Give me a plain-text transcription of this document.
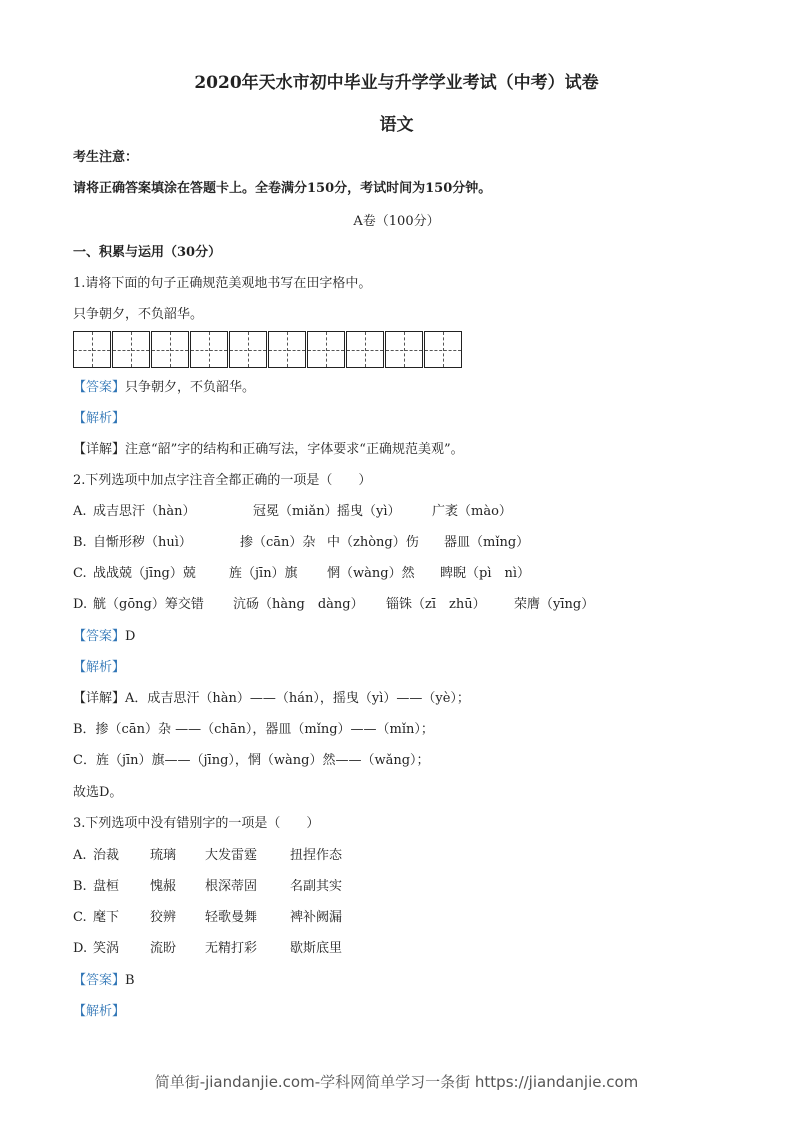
2020年天水市初中毕业与升学学业考试（中考）试卷
语文
考生注意：
请将正确答案填涂在答题卡上。全卷满分150分，考试时间为150分钟。
A卷（100分）
一、积累与运用（30分）
1.请将下面的句子正确规范美观地书写在田字格中。
只争朝夕，不负韶华。
【答案】只争朝夕，不负韶华。
【解析】
【详解】注意“韶”字的结构和正确写法，字体要求“正确规范美观”。
2.下列选项中加点字注音全都正确的一项是（　　）
A. 成吉思汗（hàn）	冠冕（miǎn） 摇曳（yì） 广袤（mào）
B. 自惭形秽（huì）	掺（cān）杂 中（zhòng）伤 器皿（mǐng）
C. 战战兢（jīng）兢	旌（jīn）旗 惘（wàng）然 睥睨（pì　nì）
D. 觥（gōng）筹交错 沆砀（hàng　dàng） 锱铢（zī　zhū） 荣膺（yīng）
【答案】D
【解析】
【详解】A．成吉思汗（hàn）——（hán），摇曳（yì）——（yè）；
B．掺（cān）杂 ——（chān），器皿（mǐng）——（mǐn）；
C．旌（jīn）旗——（jīng），惘（wàng）然——（wǎng）；
故选D。
3.下列选项中没有错别字的一项是（　　）
A. 治裁 琉璃 大发雷霆	扭捏作态
B. 盘桓 愧赧 根深蒂固	名副其实
C. 麾下 狡辨 轻歌曼舞	裨补阙漏
D. 笑涡 流盼 无精打彩	歇斯底里
【答案】B
【解析】
简单街-jiandanjie.com-学科网简单学习一条街 https://jiandanjie.com
